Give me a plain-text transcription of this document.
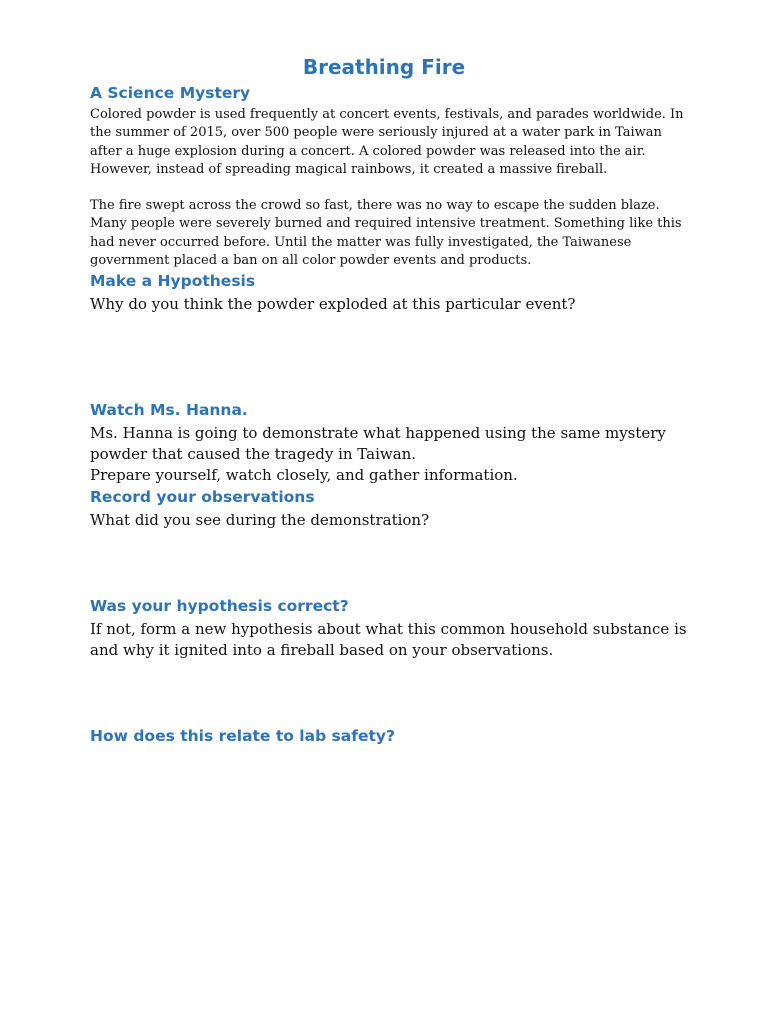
Breathing Fire
A Science Mystery

Colored powder is used frequently at concert events, festivals, and parades worldwide. In the summer of 2015, over 500 people were seriously injured at a water park in Taiwan after a huge explosion during a concert. A colored powder was released into the air. However, instead of spreading magical rainbows, it created a massive fireball.

The fire swept across the crowd so fast, there was no way to escape the sudden blaze. Many people were severely burned and required intensive treatment. Something like this had never occurred before. Until the matter was fully investigated, the Taiwanese government placed a ban on all color powder events and products.

Make a Hypothesis

Why do you think the powder exploded at this particular event?

Watch Ms. Hanna.

Ms. Hanna is going to demonstrate what happened using the same mystery powder that caused the tragedy in Taiwan.

Prepare yourself, watch closely, and gather information.

Record your observations

What did you see during the demonstration?

Was your hypothesis correct?

If not, form a new hypothesis about what this common household substance is and why it ignited into a fireball based on your observations.

How does this relate to lab safety?
